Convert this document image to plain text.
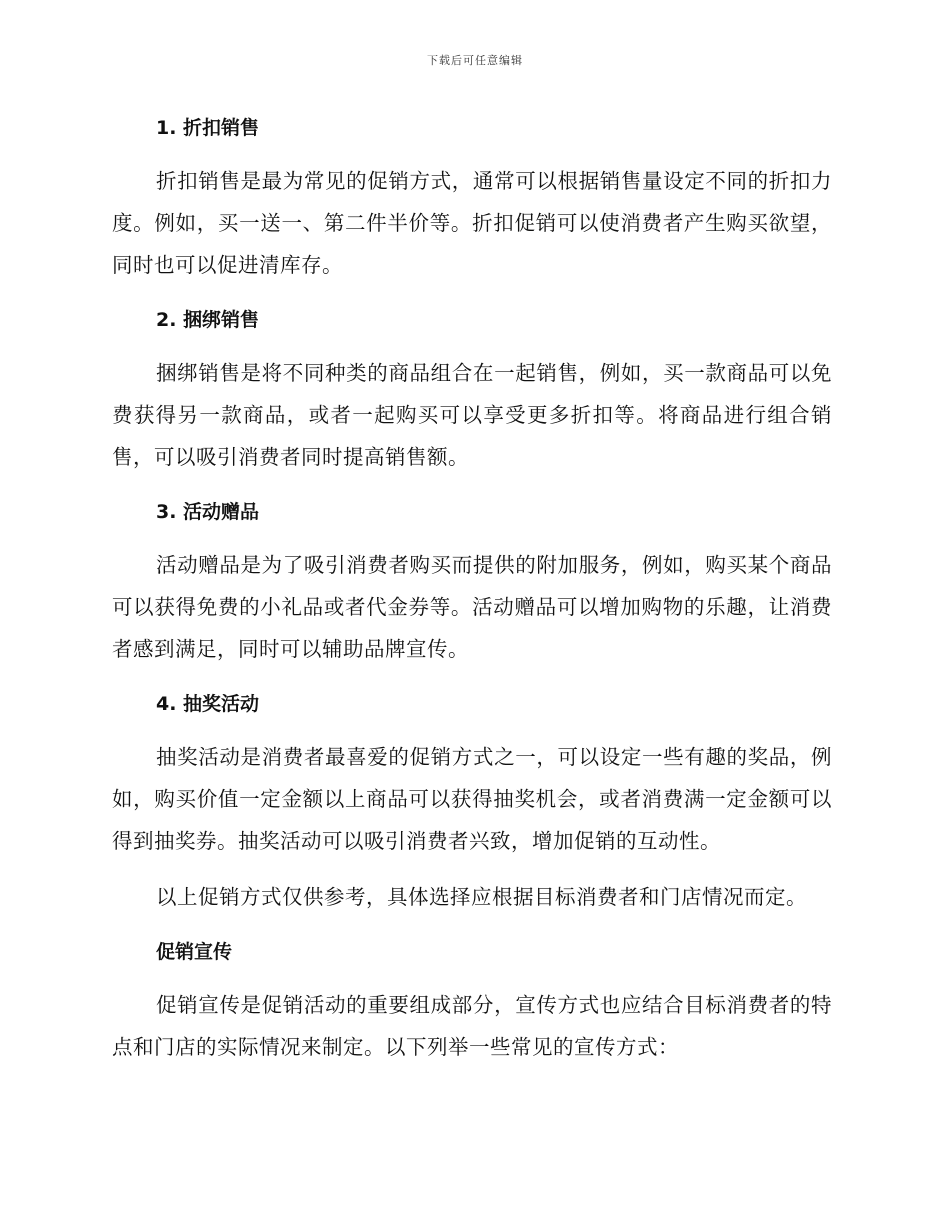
下载后可任意编辑
1. 折扣销售

折扣销售是最为常见的促销方式，通常可以根据销售量设定不同的折扣力度。例如，买一送一、第二件半价等。折扣促销可以使消费者产生购买欲望，同时也可以促进清库存。

2. 捆绑销售

捆绑销售是将不同种类的商品组合在一起销售，例如，买一款商品可以免费获得另一款商品，或者一起购买可以享受更多折扣等。将商品进行组合销售，可以吸引消费者同时提高销售额。

3. 活动赠品

活动赠品是为了吸引消费者购买而提供的附加服务，例如，购买某个商品可以获得免费的小礼品或者代金券等。活动赠品可以增加购物的乐趣，让消费者感到满足，同时可以辅助品牌宣传。

4. 抽奖活动

抽奖活动是消费者最喜爱的促销方式之一，可以设定一些有趣的奖品，例如，购买价值一定金额以上商品可以获得抽奖机会，或者消费满一定金额可以得到抽奖券。抽奖活动可以吸引消费者兴致，增加促销的互动性。

以上促销方式仅供参考，具体选择应根据目标消费者和门店情况而定。

促销宣传

促销宣传是促销活动的重要组成部分，宣传方式也应结合目标消费者的特点和门店的实际情况来制定。以下列举一些常见的宣传方式：
